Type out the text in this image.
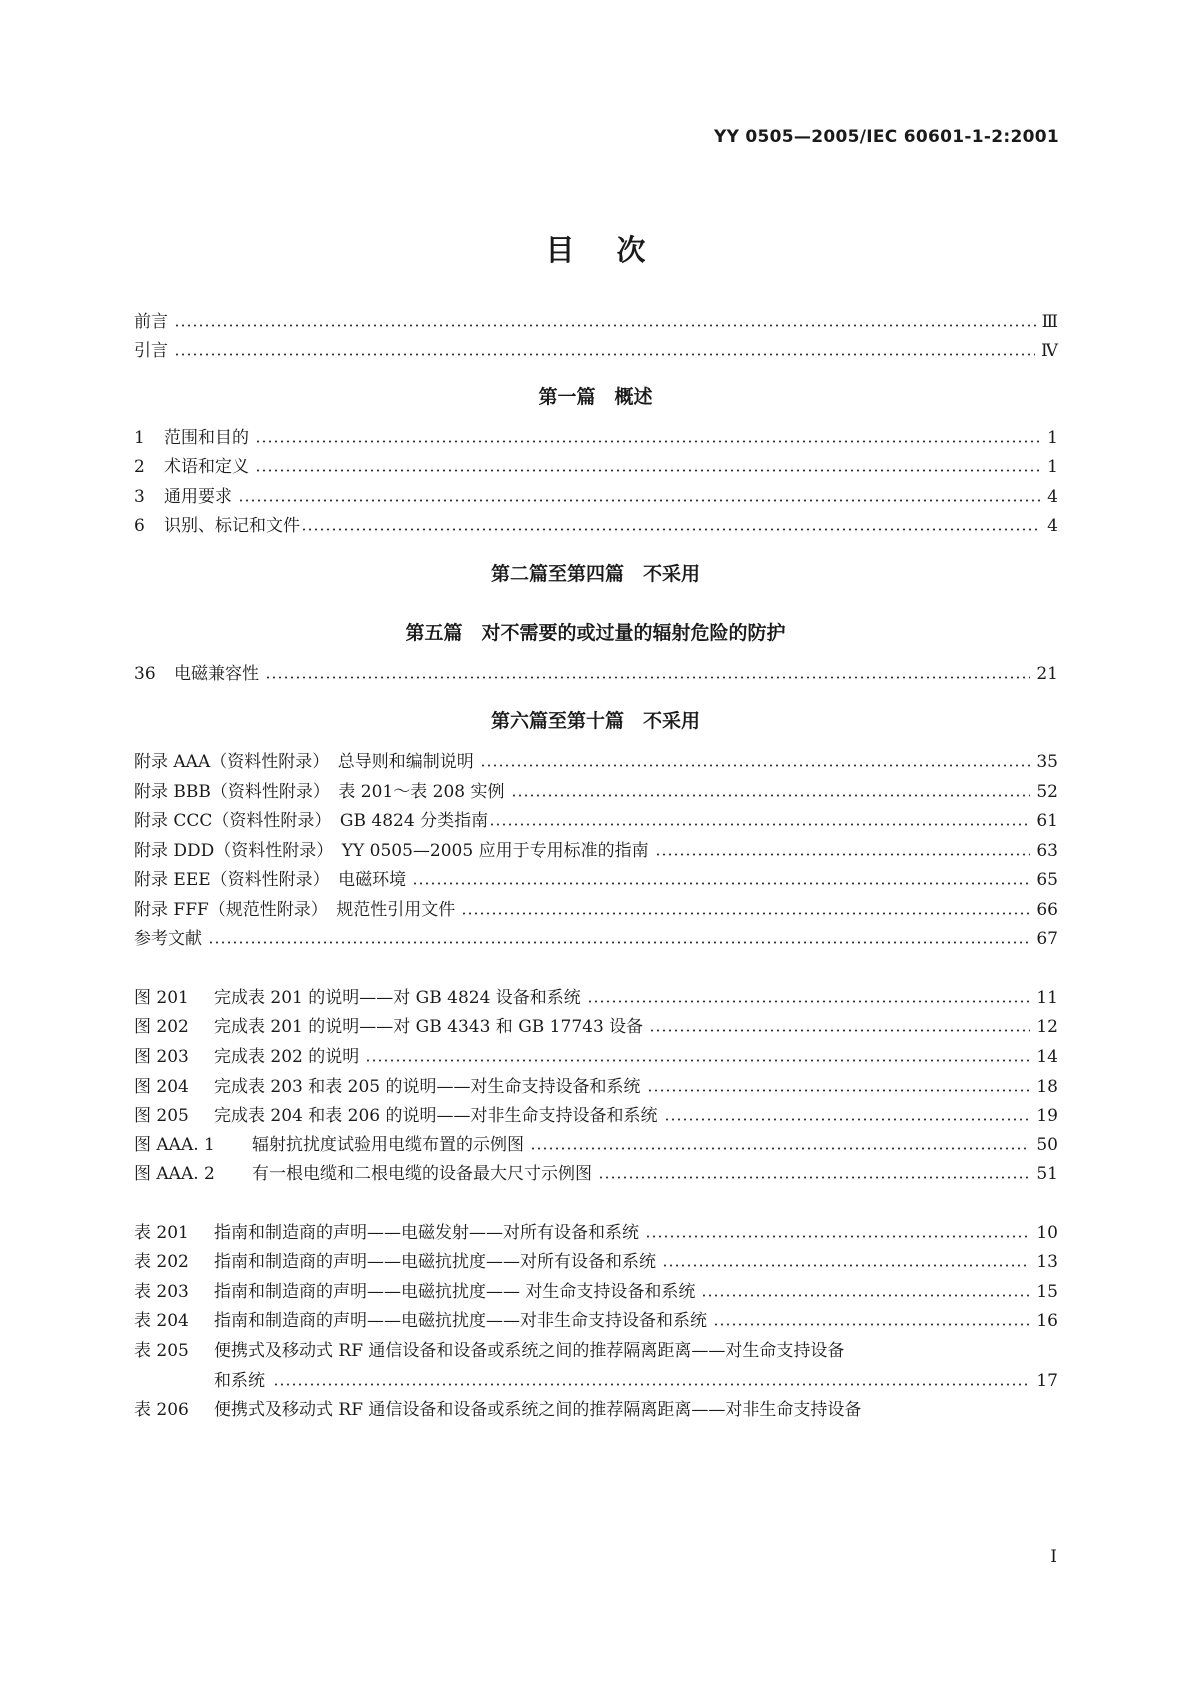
YY 0505—2005/IEC 60601-1-2:2001
目次
前言	Ⅲ
引言	Ⅳ
第一篇　概述
1	范围和目的	1
2	术语和定义	1
3	通用要求	4
6	识别、标记和文件	4
第二篇至第四篇　不采用
第五篇　对不需要的或过量的辐射危险的防护
36	电磁兼容性	21
第六篇至第十篇　不采用
附录 AAA（资料性附录）　总导则和编制说明	35
附录 BBB（资料性附录）　表 201～表 208 实例	52
附录 CCC（资料性附录）　GB 4824 分类指南	61
附录 DDD（资料性附录）　YY 0505—2005 应用于专用标准的指南	63
附录 EEE（资料性附录）　电磁环境	65
附录 FFF（规范性附录）　规范性引用文件	66
参考文献	67
图 201	完成表 201 的说明——对 GB 4824 设备和系统	11
图 202	完成表 201 的说明——对 GB 4343 和 GB 17743 设备	12
图 203	完成表 202 的说明	14
图 204	完成表 203 和表 205 的说明——对生命支持设备和系统	18
图 205	完成表 204 和表 206 的说明——对非生命支持设备和系统	19
图 AAA. 1	辐射抗扰度试验用电缆布置的示例图	50
图 AAA. 2	有一根电缆和二根电缆的设备最大尺寸示例图	51
表 201	指南和制造商的声明——电磁发射——对所有设备和系统	10
表 202	指南和制造商的声明——电磁抗扰度——对所有设备和系统	13
表 203	指南和制造商的声明——电磁抗扰度—— 对生命支持设备和系统	15
表 204	指南和制造商的声明——电磁抗扰度——对非生命支持设备和系统	16
表 205	便携式及移动式 RF 通信设备和设备或系统之间的推荐隔离距离——对生命支持设备
和系统	17
表 206	便携式及移动式 RF 通信设备和设备或系统之间的推荐隔离距离——对非生命支持设备
Ⅰ
